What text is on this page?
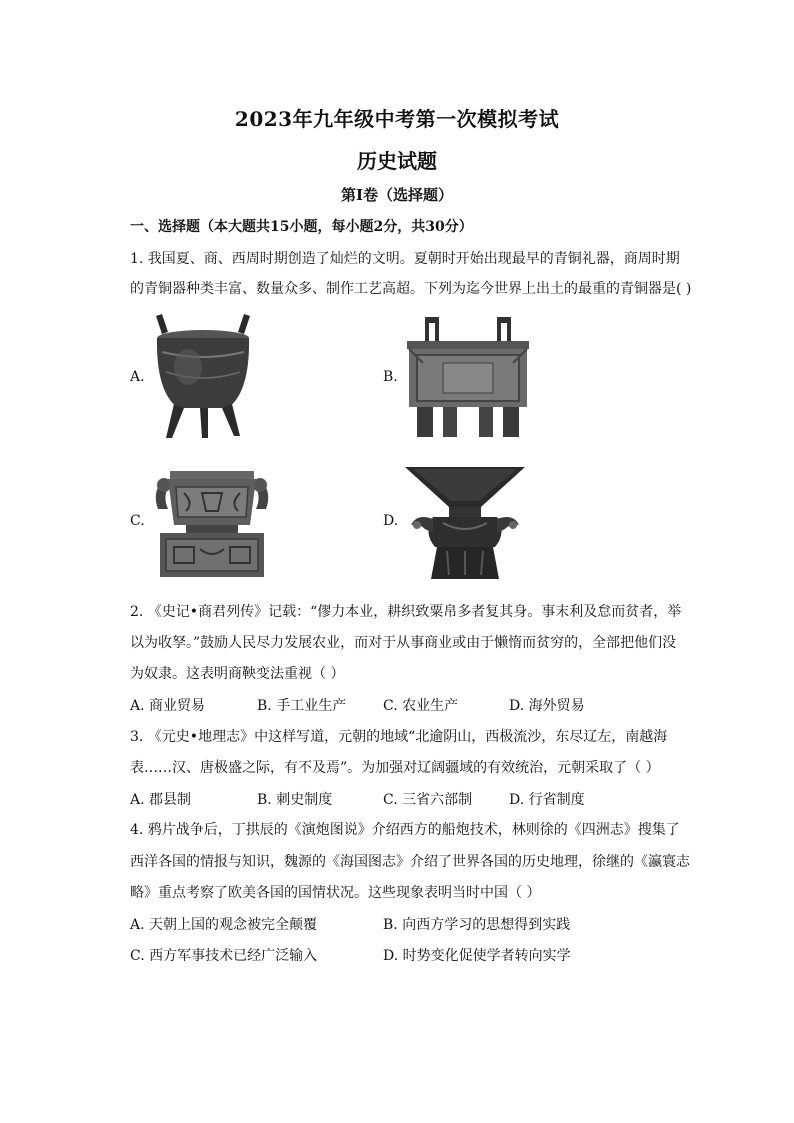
2023年九年级中考第一次模拟考试
历史试题
第Ⅰ卷（选择题）
一、选择题（本大题共15小题，每小题2分，共30分）
1. 我国夏、商、西周时期创造了灿烂的文明。夏朝时开始出现最早的青铜礼器，商周时期
的青铜器种类丰富、数量众多、制作工艺高超。下列为迄今世界上出土的最重的青铜器是( )
A.	B.
C.	D.
2. 《史记•商君列传》记载：“僇力本业，耕织致粟帛多者复其身。事末利及怠而贫者，举
以为收孥。”鼓励人民尽力发展农业，而对于从事商业或由于懒惰而贫穷的，全部把他们没
为奴隶。这表明商鞅变法重视（ ）
A. 商业贸易	B. 手工业生产	C. 农业生产	D. 海外贸易
3. 《元史•地理志》中这样写道，元朝的地域“北逾阴山，西极流沙，东尽辽左，南越海
表……汉、唐极盛之际，有不及焉”。为加强对辽阔疆域的有效统治，元朝采取了（ ）
A. 郡县制	B. 刺史制度	C. 三省六部制	D. 行省制度
4. 鸦片战争后，丁拱辰的《演炮图说》介绍西方的船炮技术，林则徐的《四洲志》搜集了
西洋各国的情报与知识，魏源的《海国图志》介绍了世界各国的历史地理，徐继的《瀛寰志
略》重点考察了欧美各国的国情状况。这些现象表明当时中国（ ）
A. 天朝上国的观念被完全颠覆	B. 向西方学习的思想得到实践
C. 西方军事技术已经广泛输入	D. 时势变化促使学者转向实学
